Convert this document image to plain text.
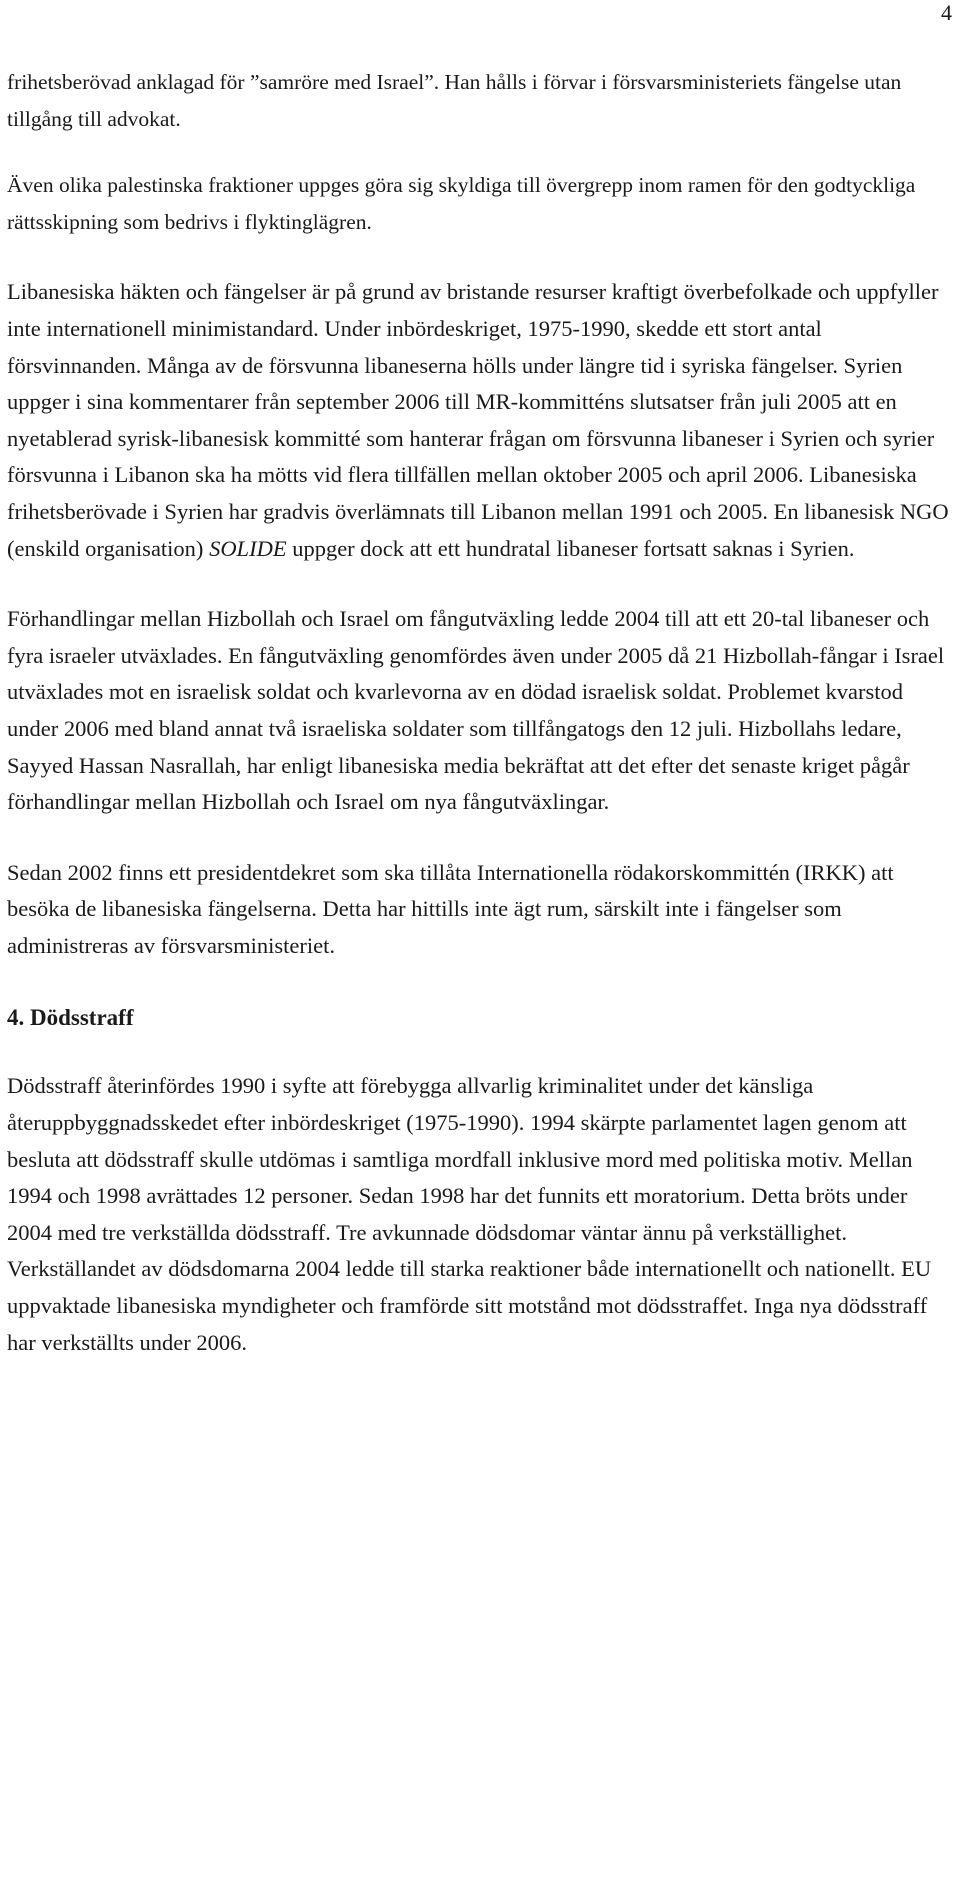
4

frihetsberövad anklagad för ”samröre med Israel”. Han hålls i förvar i försvarsministeriets fängelse utan tillgång till advokat.

Även olika palestinska fraktioner uppges göra sig skyldiga till övergrepp inom ramen för den godtyckliga rättsskipning som bedrivs i flyktinglägren.

Libanesiska häkten och fängelser är på grund av bristande resurser kraftigt överbefolkade och uppfyller inte internationell minimistandard. Under inbördeskriget, 1975-1990, skedde ett stort antal försvinnanden. Många av de försvunna libaneserna hölls under längre tid i syriska fängelser. Syrien uppger i sina kommentarer från september 2006 till MR-kommitténs slutsatser från juli 2005 att en nyetablerad syrisk-libanesisk kommitté som hanterar frågan om försvunna libaneser i Syrien och syrier försvunna i Libanon ska ha mötts vid flera tillfällen mellan oktober 2005 och april 2006. Libanesiska frihetsberövade i Syrien har gradvis överlämnats till Libanon mellan 1991 och 2005. En libanesisk NGO (enskild organisation) SOLIDE uppger dock att ett hundratal libaneser fortsatt saknas i Syrien.

Förhandlingar mellan Hizbollah och Israel om fångutväxling ledde 2004 till att ett 20-tal libaneser och fyra israeler utväxlades. En fångutväxling genomfördes även under 2005 då 21 Hizbollah-fångar i Israel utväxlades mot en israelisk soldat och kvarlevorna av en dödad israelisk soldat. Problemet kvarstod under 2006 med bland annat två israeliska soldater som tillfångatogs den 12 juli. Hizbollahs ledare, Sayyed Hassan Nasrallah, har enligt libanesiska media bekräftat att det efter det senaste kriget pågår förhandlingar mellan Hizbollah och Israel om nya fångutväxlingar.

Sedan 2002 finns ett presidentdekret som ska tillåta Internationella rödakorskommittén (IRKK) att besöka de libanesiska fängelserna. Detta har hittills inte ägt rum, särskilt inte i fängelser som administreras av försvarsministeriet.

4. Dödsstraff

Dödsstraff återinfördes 1990 i syfte att förebygga allvarlig kriminalitet under det känsliga återuppbyggnadsskedet efter inbördeskriget (1975-1990). 1994 skärpte parlamentet lagen genom att besluta att dödsstraff skulle utdömas i samtliga mordfall inklusive mord med politiska motiv. Mellan 1994 och 1998 avrättades 12 personer. Sedan 1998 har det funnits ett moratorium. Detta bröts under 2004 med tre verkställda dödsstraff. Tre avkunnade dödsdomar väntar ännu på verkställighet. Verkställandet av dödsdomarna 2004 ledde till starka reaktioner både internationellt och nationellt. EU uppvaktade libanesiska myndigheter och framförde sitt motstånd mot dödsstraffet. Inga nya dödsstraff har verkställts under 2006.
